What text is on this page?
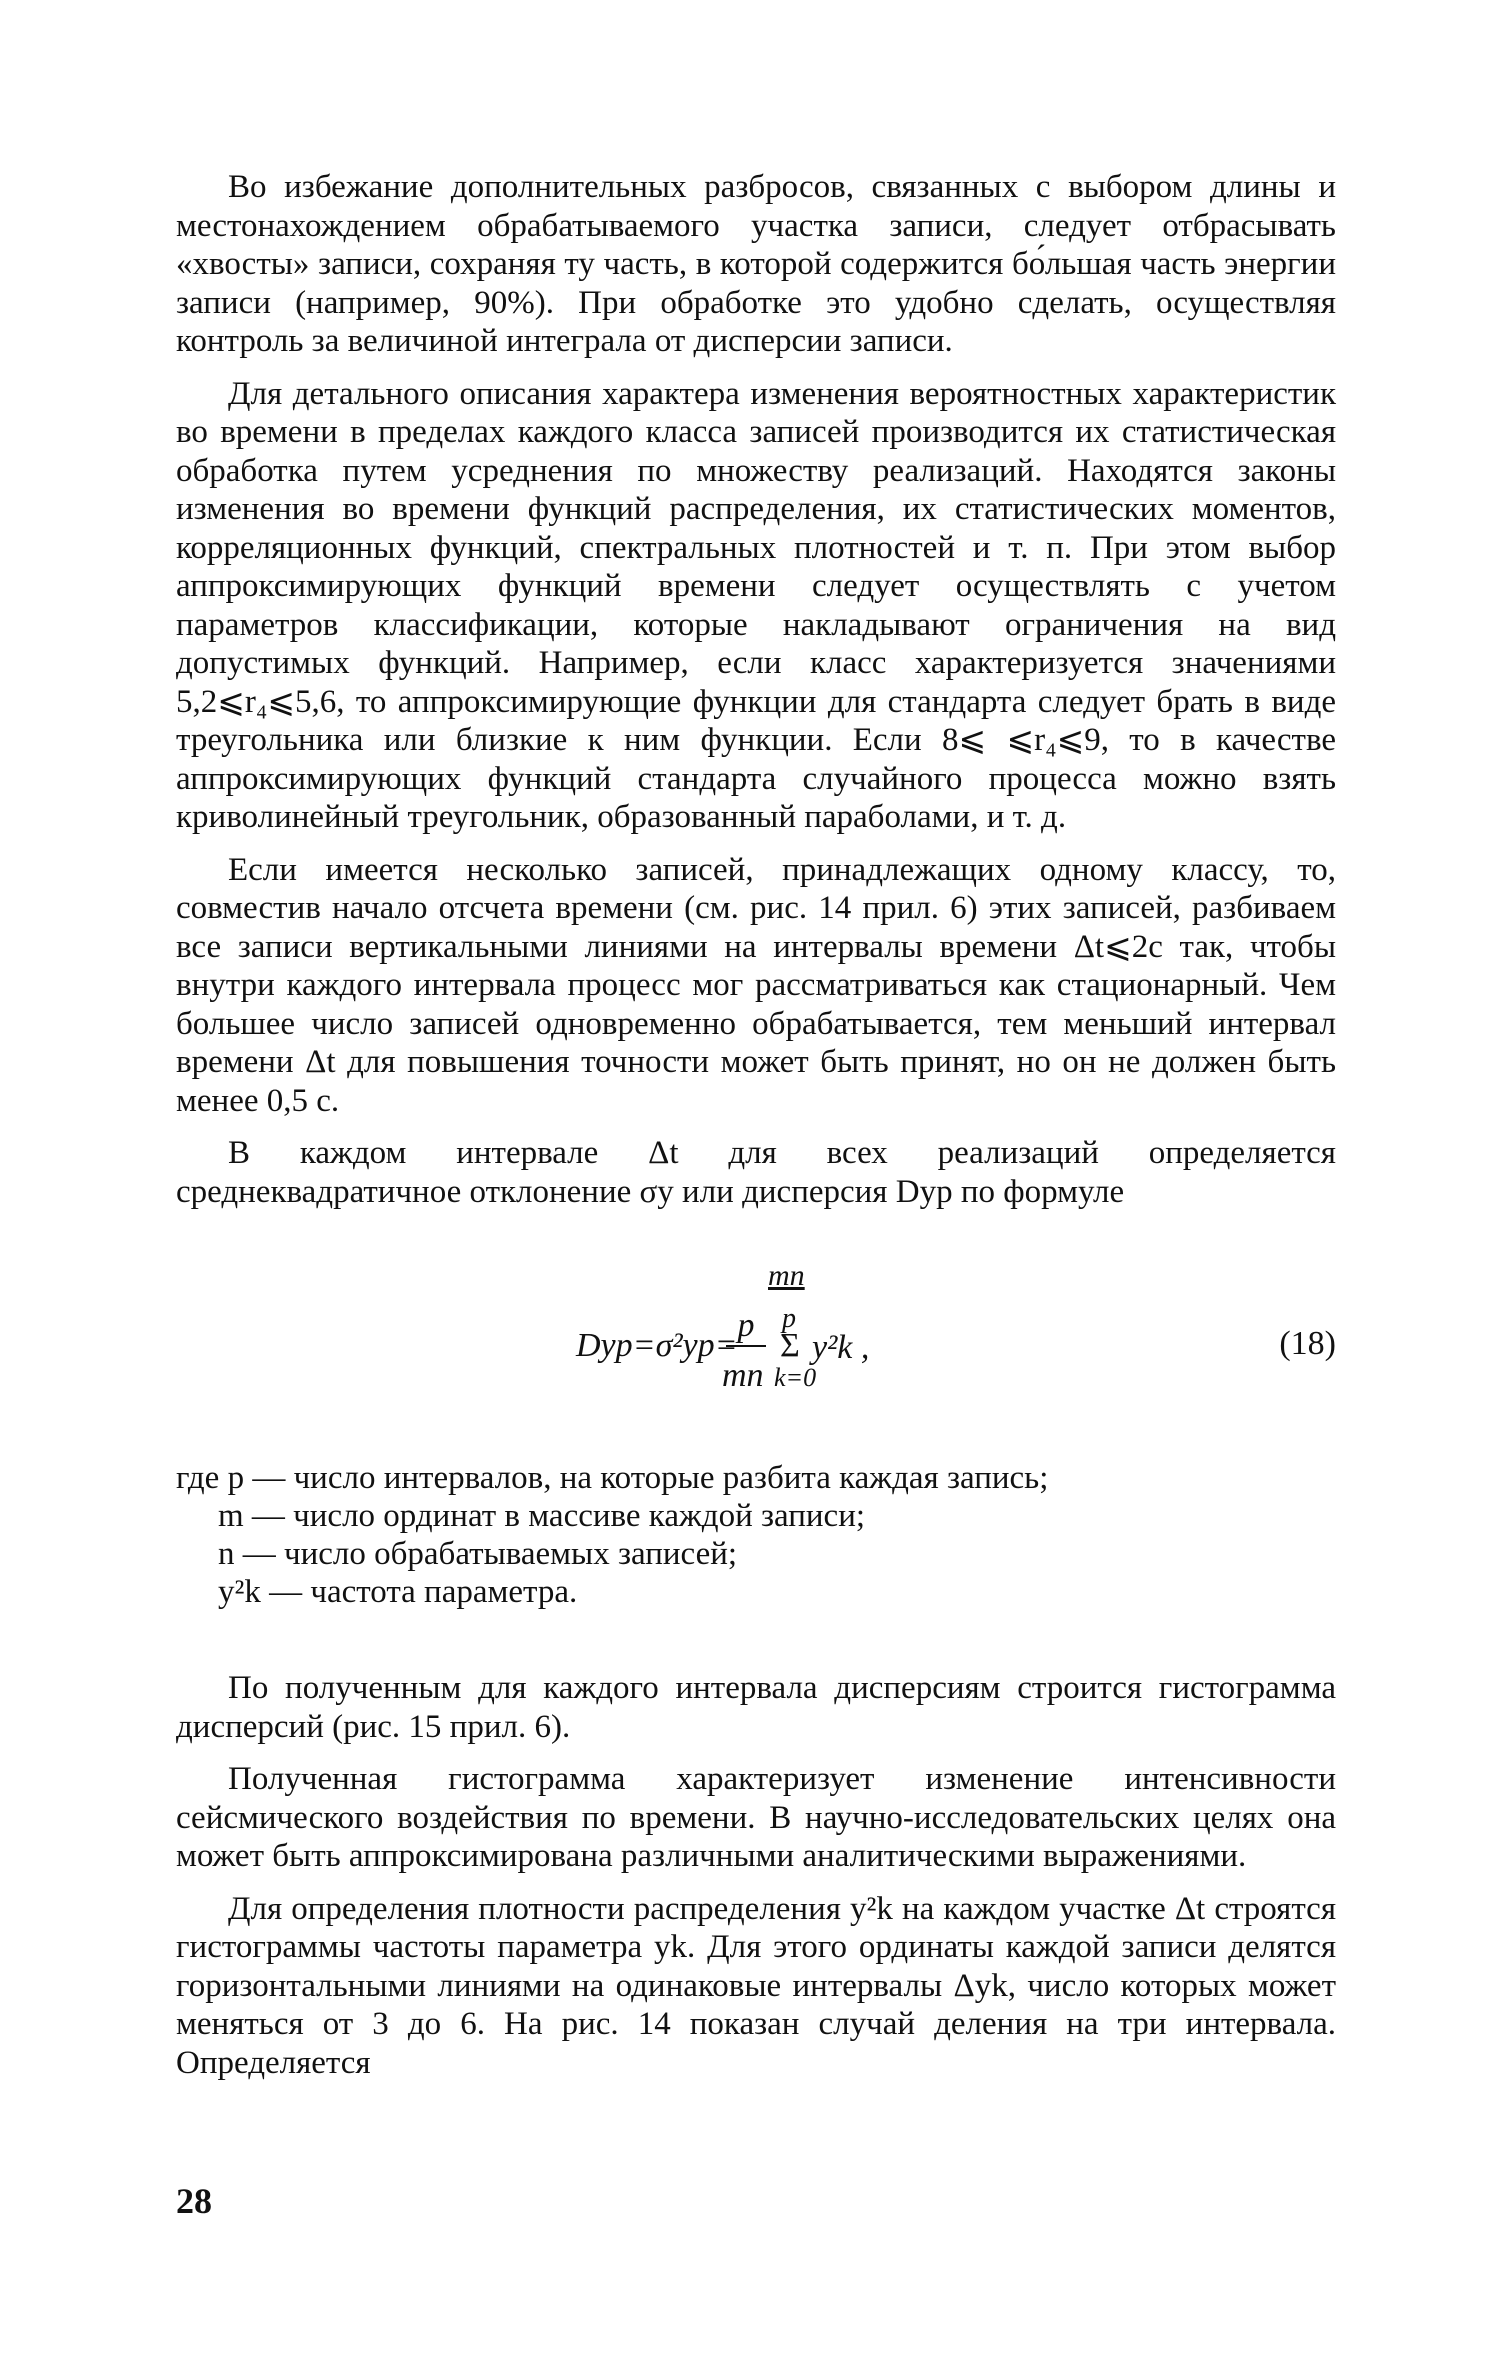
Во избежание дополнительных разбросов, связанных с выбором длины и местонахождением обрабатываемого участка записи, следует отбрасывать «хвосты» записи, сохраняя ту часть, в которой содержится бо́льшая часть энергии записи (например, 90%). При обработке это удобно сделать, осуществляя контроль за величиной интеграла от дисперсии записи.

Для детального описания характера изменения вероятностных характеристик во времени в пределах каждого класса записей производится их статистическая обработка путем усреднения по множеству реализаций. Находятся законы изменения во времени функций распределения, их статистических моментов, корреляционных функций, спектральных плотностей и т. п. При этом выбор аппроксимирующих функций времени следует осуществлять с учетом параметров классификации, которые накладывают ограничения на вид допустимых функций. Например, если класс характеризуется значениями 5,2⩽r₄⩽5,6, то аппроксимирующие функции для стандарта следует брать в виде треугольника или близкие к ним функции. Если 8⩽ ⩽r₄⩽9, то в качестве аппроксимирующих функций стандарта случайного процесса можно взять криволинейный треугольник, образованный параболами, и т. д.

Если имеется несколько записей, принадлежащих одному классу, то, совместив начало отсчета времени (см. рис. 14 прил. 6) этих записей, разбиваем все записи вертикальными линиями на интервалы времени Δt⩽2c так, чтобы внутри каждого интервала процесс мог рассматриваться как стационарный. Чем большее число записей одновременно обрабатывается, тем меньший интервал времени Δt для повышения точности может быть принят, но он не должен быть менее 0,5 с.

В каждом интервале Δt для всех реализаций определяется среднеквадратичное отклонение σy или дисперсия Dyp по формуле

mn
Dyp=σ²yp=
p
mn
p
Σ
k=0
y²k ,	(18)
где p — число интервалов, на которые разбита каждая запись;
m — число ординат в массиве каждой записи;
n — число обрабатываемых записей;
y²k — частота параметра.

По полученным для каждого интервала дисперсиям строится гистограмма дисперсий (рис. 15 прил. 6).

Полученная гистограмма характеризует изменение интенсивности сейсмического воздействия по времени. В научно-исследовательских целях она может быть аппроксимирована различными аналитическими выражениями.

Для определения плотности распределения y²k на каждом участке Δt строятся гистограммы частоты параметра yk. Для этого ординаты каждой записи делятся горизонтальными линиями на одинаковые интервалы Δyk, число которых может меняться от 3 до 6. На рис. 14 показан случай деления на три интервала. Определяется

28
